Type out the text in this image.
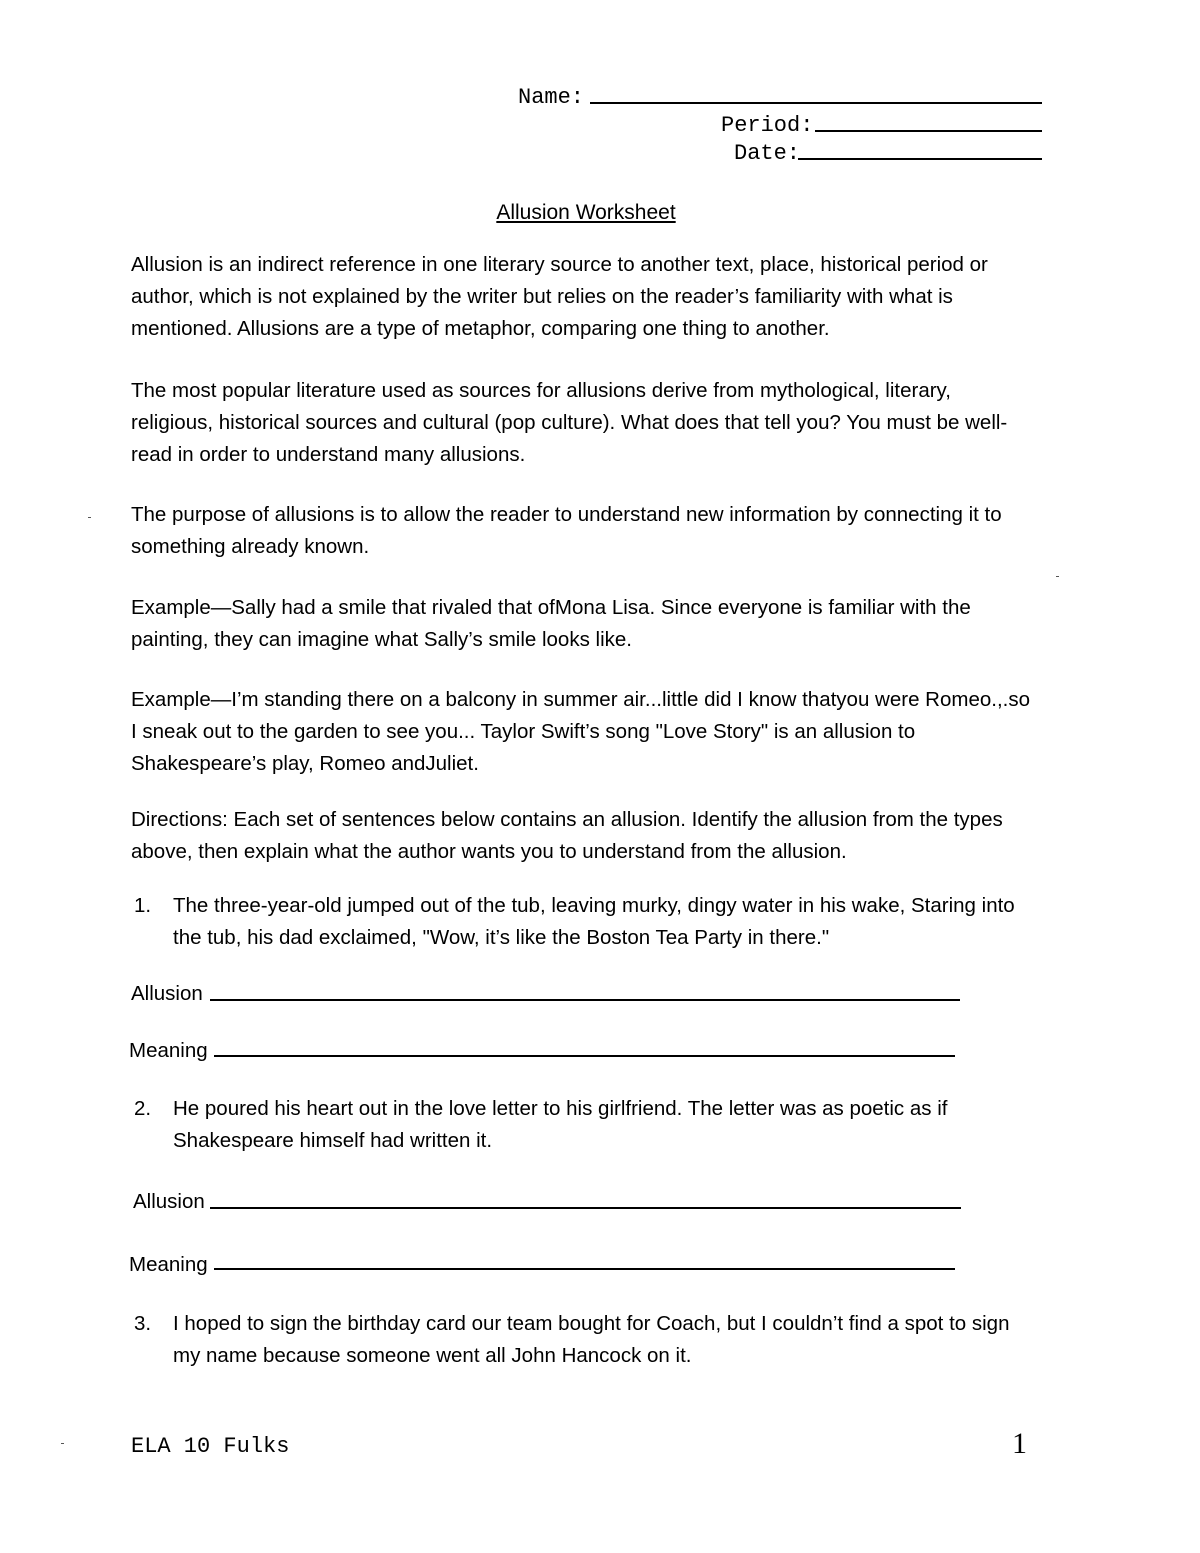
Name:
Period:
Date:
Allusion Worksheet

Allusion is an indirect reference in one literary source to another text, place, historical period or author, which is not explained by the writer but relies on the reader’s familiarity with what is mentioned. Allusions are a type of metaphor, comparing one thing to another.

The most popular literature used as sources for allusions derive from mythological, literary, religious, historical sources and cultural (pop culture). What does that tell you? You must be well-read in order to understand many allusions.

The purpose of allusions is to allow the reader to understand new information by connecting it to something already known.

Example—Sally had a smile that rivaled that ofMona Lisa. Since everyone is familiar with the painting, they can imagine what Sally’s smile looks like.

Example—I’m standing there on a balcony in summer air...little did I know thatyou were Romeo.,.so I sneak out to the garden to see you... Taylor Swift’s song "Love Story" is an allusion to Shakespeare’s play, Romeo andJuliet.

Directions: Each set of sentences below contains an allusion. Identify the allusion from the types above, then explain what the author wants you to understand from the allusion.

1. The three-year-old jumped out of the tub, leaving murky, dingy water in his wake, Staring into the tub, his dad exclaimed, "Wow, it’s like the Boston Tea Party in there."
Allusion
Meaning
2. He poured his heart out in the love letter to his girlfriend. The letter was as poetic as if Shakespeare himself had written it.
Allusion
Meaning
3. I hoped to sign the birthday card our team bought for Coach, but I couldn’t find a spot to sign my name because someone went all John Hancock on it.
ELA 10 Fulks	1
